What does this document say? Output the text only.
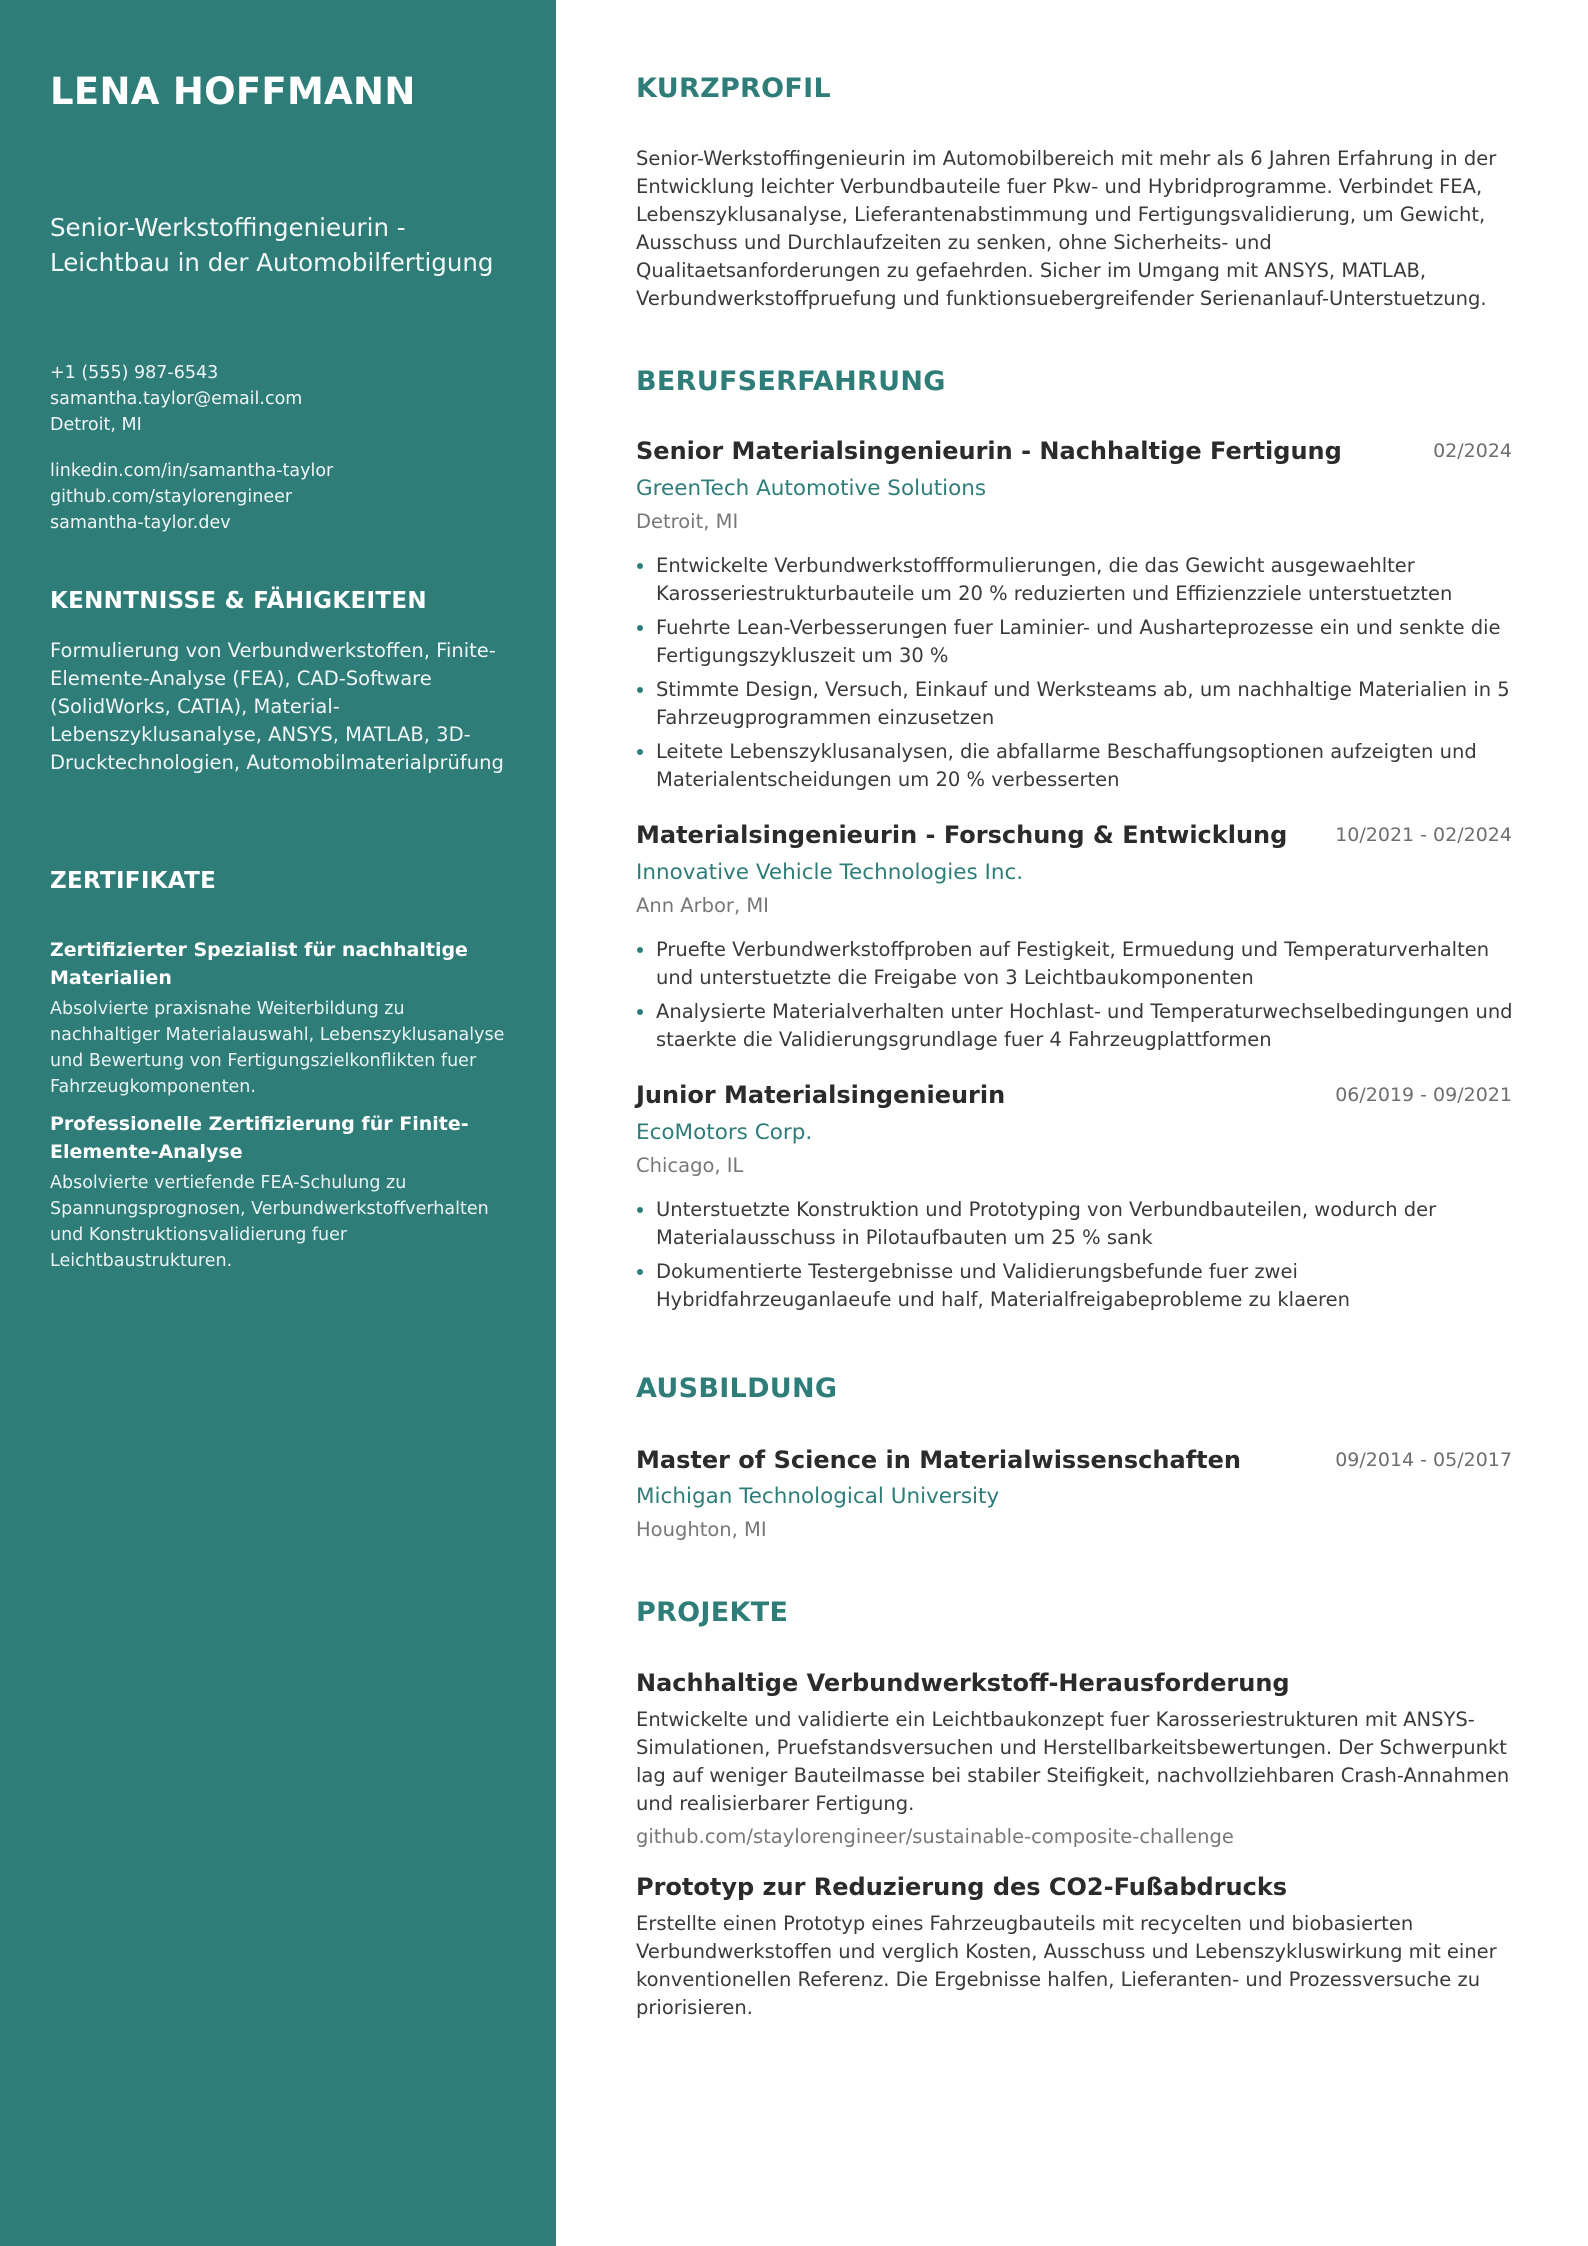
LENA HOFFMANN
Senior-Werkstoffingenieurin - Leichtbau in der Automobilfertigung
+1 (555) 987-6543
samantha.taylor@email.com
Detroit, MI
linkedin.com/in/samantha-taylor
github.com/staylorengineer
samantha-taylor.dev
KENNTNISSE & FÄHIGKEITEN
Formulierung von Verbundwerkstoffen, Finite-Elemente-Analyse (FEA), CAD-Software (SolidWorks, CATIA), Material-Lebenszyklusanalyse, ANSYS, MATLAB, 3D-Drucktechnologien, Automobilmaterialprüfung
ZERTIFIKATE
Zertifizierter Spezialist für nachhaltige Materialien
Absolvierte praxisnahe Weiterbildung zu nachhaltiger Materialauswahl, Lebenszyklusanalyse und Bewertung von Fertigungszielkonflikten fuer Fahrzeugkomponenten.
Professionelle Zertifizierung für Finite-Elemente-Analyse
Absolvierte vertiefende FEA-Schulung zu Spannungsprognosen, Verbundwerkstoffverhalten und Konstruktionsvalidierung fuer Leichtbaustrukturen.
KURZPROFIL
Senior-Werkstoffingenieurin im Automobilbereich mit mehr als 6 Jahren Erfahrung in der Entwicklung leichter Verbundbauteile fuer Pkw- und Hybridprogramme. Verbindet FEA, Lebenszyklusanalyse, Lieferantenabstimmung und Fertigungsvalidierung, um Gewicht, Ausschuss und Durchlaufzeiten zu senken, ohne Sicherheits- und Qualitaetsanforderungen zu gefaehrden. Sicher im Umgang mit ANSYS, MATLAB, Verbundwerkstoffpruefung und funktionsuebergreifender Serienanlauf-Unterstuetzung.
BERUFSERFAHRUNG
Senior Materialsingenieurin - Nachhaltige Fertigung	02/2024
GreenTech Automotive Solutions
Detroit, MI
Entwickelte Verbundwerkstoffformulierungen, die das Gewicht ausgewaehlter Karosseriestrukturbauteile um 20 % reduzierten und Effizienzziele unterstuetzten
Fuehrte Lean-Verbesserungen fuer Laminier- und Ausharteprozesse ein und senkte die Fertigungszykluszeit um 30 %
Stimmte Design, Versuch, Einkauf und Werksteams ab, um nachhaltige Materialien in 5 Fahrzeugprogrammen einzusetzen
Leitete Lebenszyklusanalysen, die abfallarme Beschaffungsoptionen aufzeigten und Materialentscheidungen um 20 % verbesserten
Materialsingenieurin - Forschung & Entwicklung	10/2021 - 02/2024
Innovative Vehicle Technologies Inc.
Ann Arbor, MI
Pruefte Verbundwerkstoffproben auf Festigkeit, Ermuedung und Temperaturverhalten und unterstuetzte die Freigabe von 3 Leichtbaukomponenten
Analysierte Materialverhalten unter Hochlast- und Temperaturwechselbedingungen und staerkte die Validierungsgrundlage fuer 4 Fahrzeugplattformen
Junior Materialsingenieurin	06/2019 - 09/2021
EcoMotors Corp.
Chicago, IL
Unterstuetzte Konstruktion und Prototyping von Verbundbauteilen, wodurch der Materialausschuss in Pilotaufbauten um 25 % sank
Dokumentierte Testergebnisse und Validierungsbefunde fuer zwei Hybridfahrzeuganlaeufe und half, Materialfreigabeprobleme zu klaeren
AUSBILDUNG
Master of Science in Materialwissenschaften	09/2014 - 05/2017
Michigan Technological University
Houghton, MI
PROJEKTE
Nachhaltige Verbundwerkstoff-Herausforderung
Entwickelte und validierte ein Leichtbaukonzept fuer Karosseriestrukturen mit ANSYS-Simulationen, Pruefstandsversuchen und Herstellbarkeitsbewertungen. Der Schwerpunkt lag auf weniger Bauteilmasse bei stabiler Steifigkeit, nachvollziehbaren Crash-Annahmen und realisierbarer Fertigung.
github.com/staylorengineer/sustainable-composite-challenge
Prototyp zur Reduzierung des CO2-Fußabdrucks
Erstellte einen Prototyp eines Fahrzeugbauteils mit recycelten und biobasierten Verbundwerkstoffen und verglich Kosten, Ausschuss und Lebenszykluswirkung mit einer konventionellen Referenz. Die Ergebnisse halfen, Lieferanten- und Prozessversuche zu priorisieren.
